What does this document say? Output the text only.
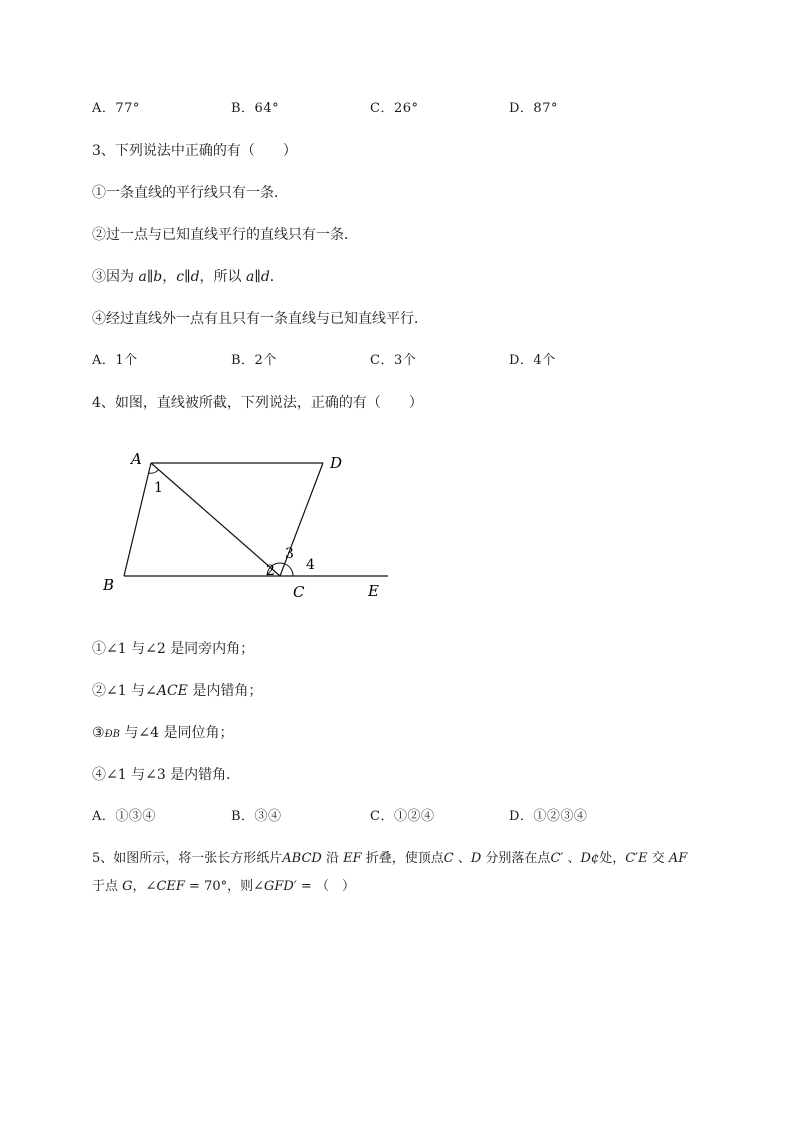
A．77°	B．64°	C．26°	D．87°
3、下列说法中正确的有（　　）
①一条直线的平行线只有一条．
②过一点与已知直线平行的直线只有一条．
③因为 a∥b，c∥d，所以 a∥d．
④经过直线外一点有且只有一条直线与已知直线平行．
A．1个	B．2个	C．3个	D．4个
4、如图，直线被所截，下列说法，正确的有（　　）
A	D
B	C	E
1
2
3
4
①∠1 与∠2 是同旁内角；
②∠1 与∠ACE 是内错角；
③ÐB 与∠4 是同位角；
④∠1 与∠3 是内错角．
A．①③④	B．③④	C．①②④	D．①②③④
5、如图所示，将一张长方形纸片ABCD 沿 EF 折叠，使顶点C 、D 分别落在点C′ 、D¢处，C′E 交 AF
于点 G，∠CEF = 70°，则∠GFD′ = （　）
